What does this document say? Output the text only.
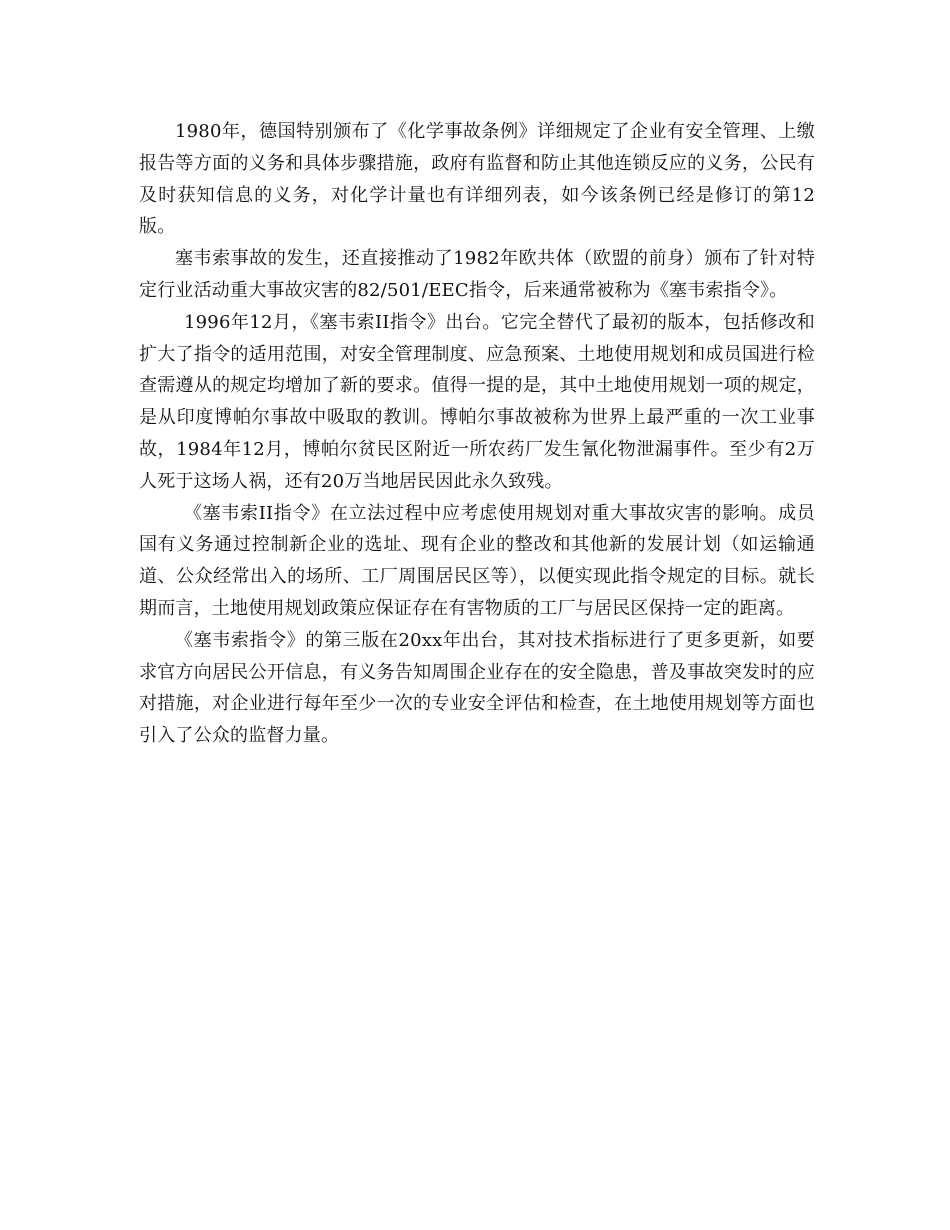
1980年，德国特别颁布了《化学事故条例》详细规定了企业有安全管理、上缴报告等方面的义务和具体步骤措施，政府有监督和防止其他连锁反应的义务，公民有及时获知信息的义务，对化学计量也有详细列表，如今该条例已经是修订的第12版。

塞韦索事故的发生，还直接推动了1982年欧共体（欧盟的前身）颁布了针对特定行业活动重大事故灾害的82/501/EEC指令，后来通常被称为《塞韦索指令》。

1996年12月，《塞韦索II指令》出台。它完全替代了最初的版本，包括修改和扩大了指令的适用范围，对安全管理制度、应急预案、土地使用规划和成员国进行检查需遵从的规定均增加了新的要求。值得一提的是，其中土地使用规划一项的规定，是从印度博帕尔事故中吸取的教训。博帕尔事故被称为世界上最严重的一次工业事故，1984年12月，博帕尔贫民区附近一所农药厂发生氰化物泄漏事件。至少有2万人死于这场人祸，还有20万当地居民因此永久致残。

《塞韦索II指令》在立法过程中应考虑使用规划对重大事故灾害的影响。成员国有义务通过控制新企业的选址、现有企业的整改和其他新的发展计划（如运输通 道、公众经常出入的场所、工厂周围居民区等），以便实现此指令规定的目标。就长期而言，土地使用规划政策应保证存在有害物质的工厂与居民区保持一定的距离。

《塞韦索指令》的第三版在20xx年出台，其对技术指标进行了更多更新，如要求官方向居民公开信息，有义务告知周围企业存在的安全隐患，普及事故突发时的应对措施，对企业进行每年至少一次的专业安全评估和检查，在土地使用规划等方面也引入了公众的监督力量。
